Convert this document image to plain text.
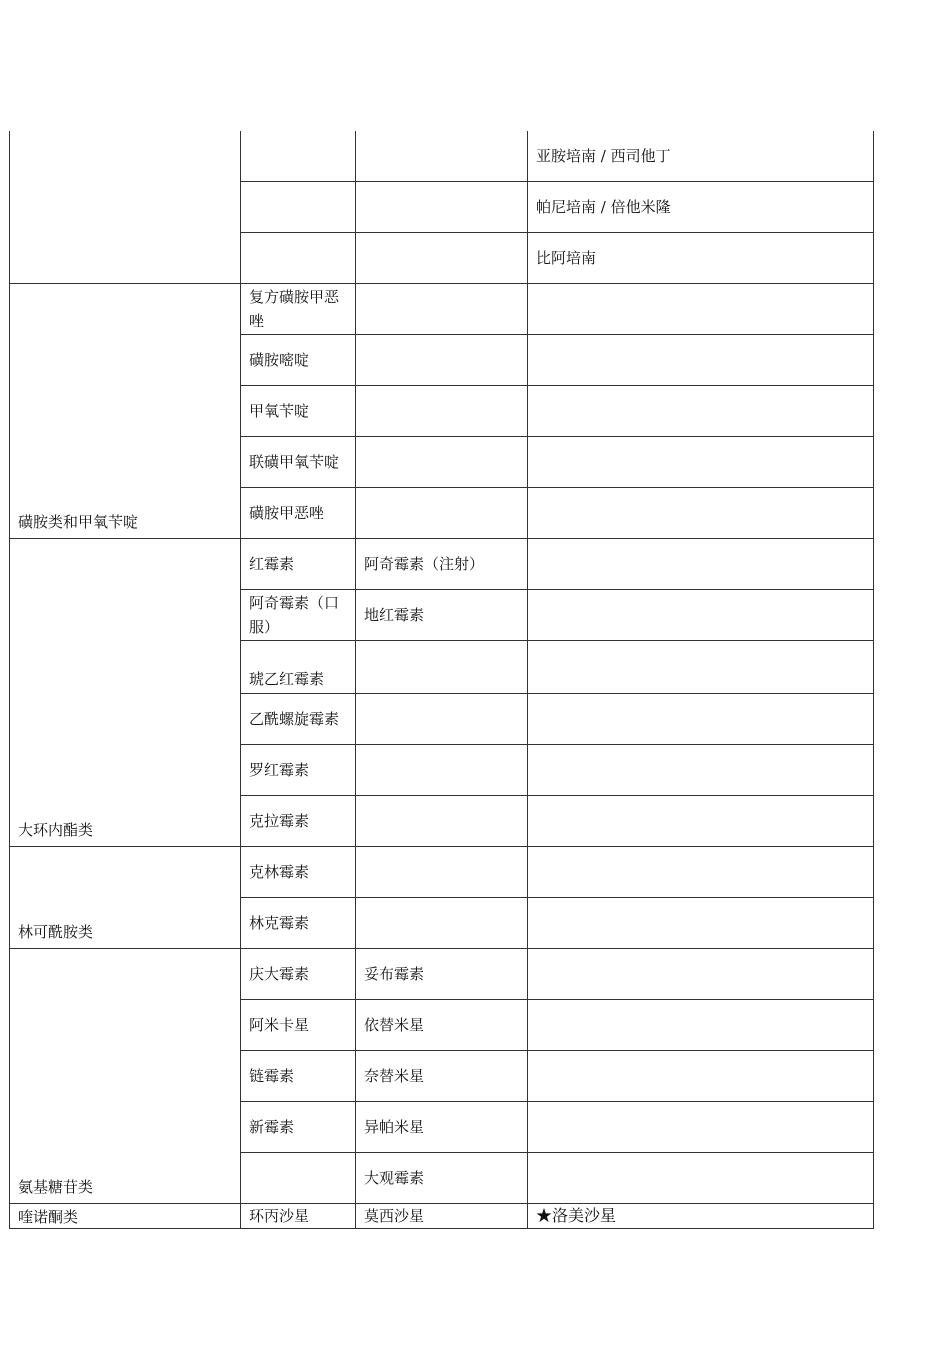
			亚胺培南 / 西司他丁
			帕尼培南 / 倍他米隆
			比阿培南
磺胺类和甲氧苄啶	复方磺胺甲恶唑		
	磺胺嘧啶		
	甲氧苄啶		
	联磺甲氧苄啶		
	磺胺甲恶唑		
大环内酯类	红霉素	阿奇霉素（注射）	
	阿奇霉素（口服）	地红霉素	
	琥乙红霉素		
	乙酰螺旋霉素		
	罗红霉素		
	克拉霉素		
林可酰胺类	克林霉素		
	林克霉素		
氨基糖苷类	庆大霉素	妥布霉素	
	阿米卡星	依替米星	
	链霉素	奈替米星	
	新霉素	异帕米星	
		大观霉素	
喹诺酮类	环丙沙星	莫西沙星	★洛美沙星
